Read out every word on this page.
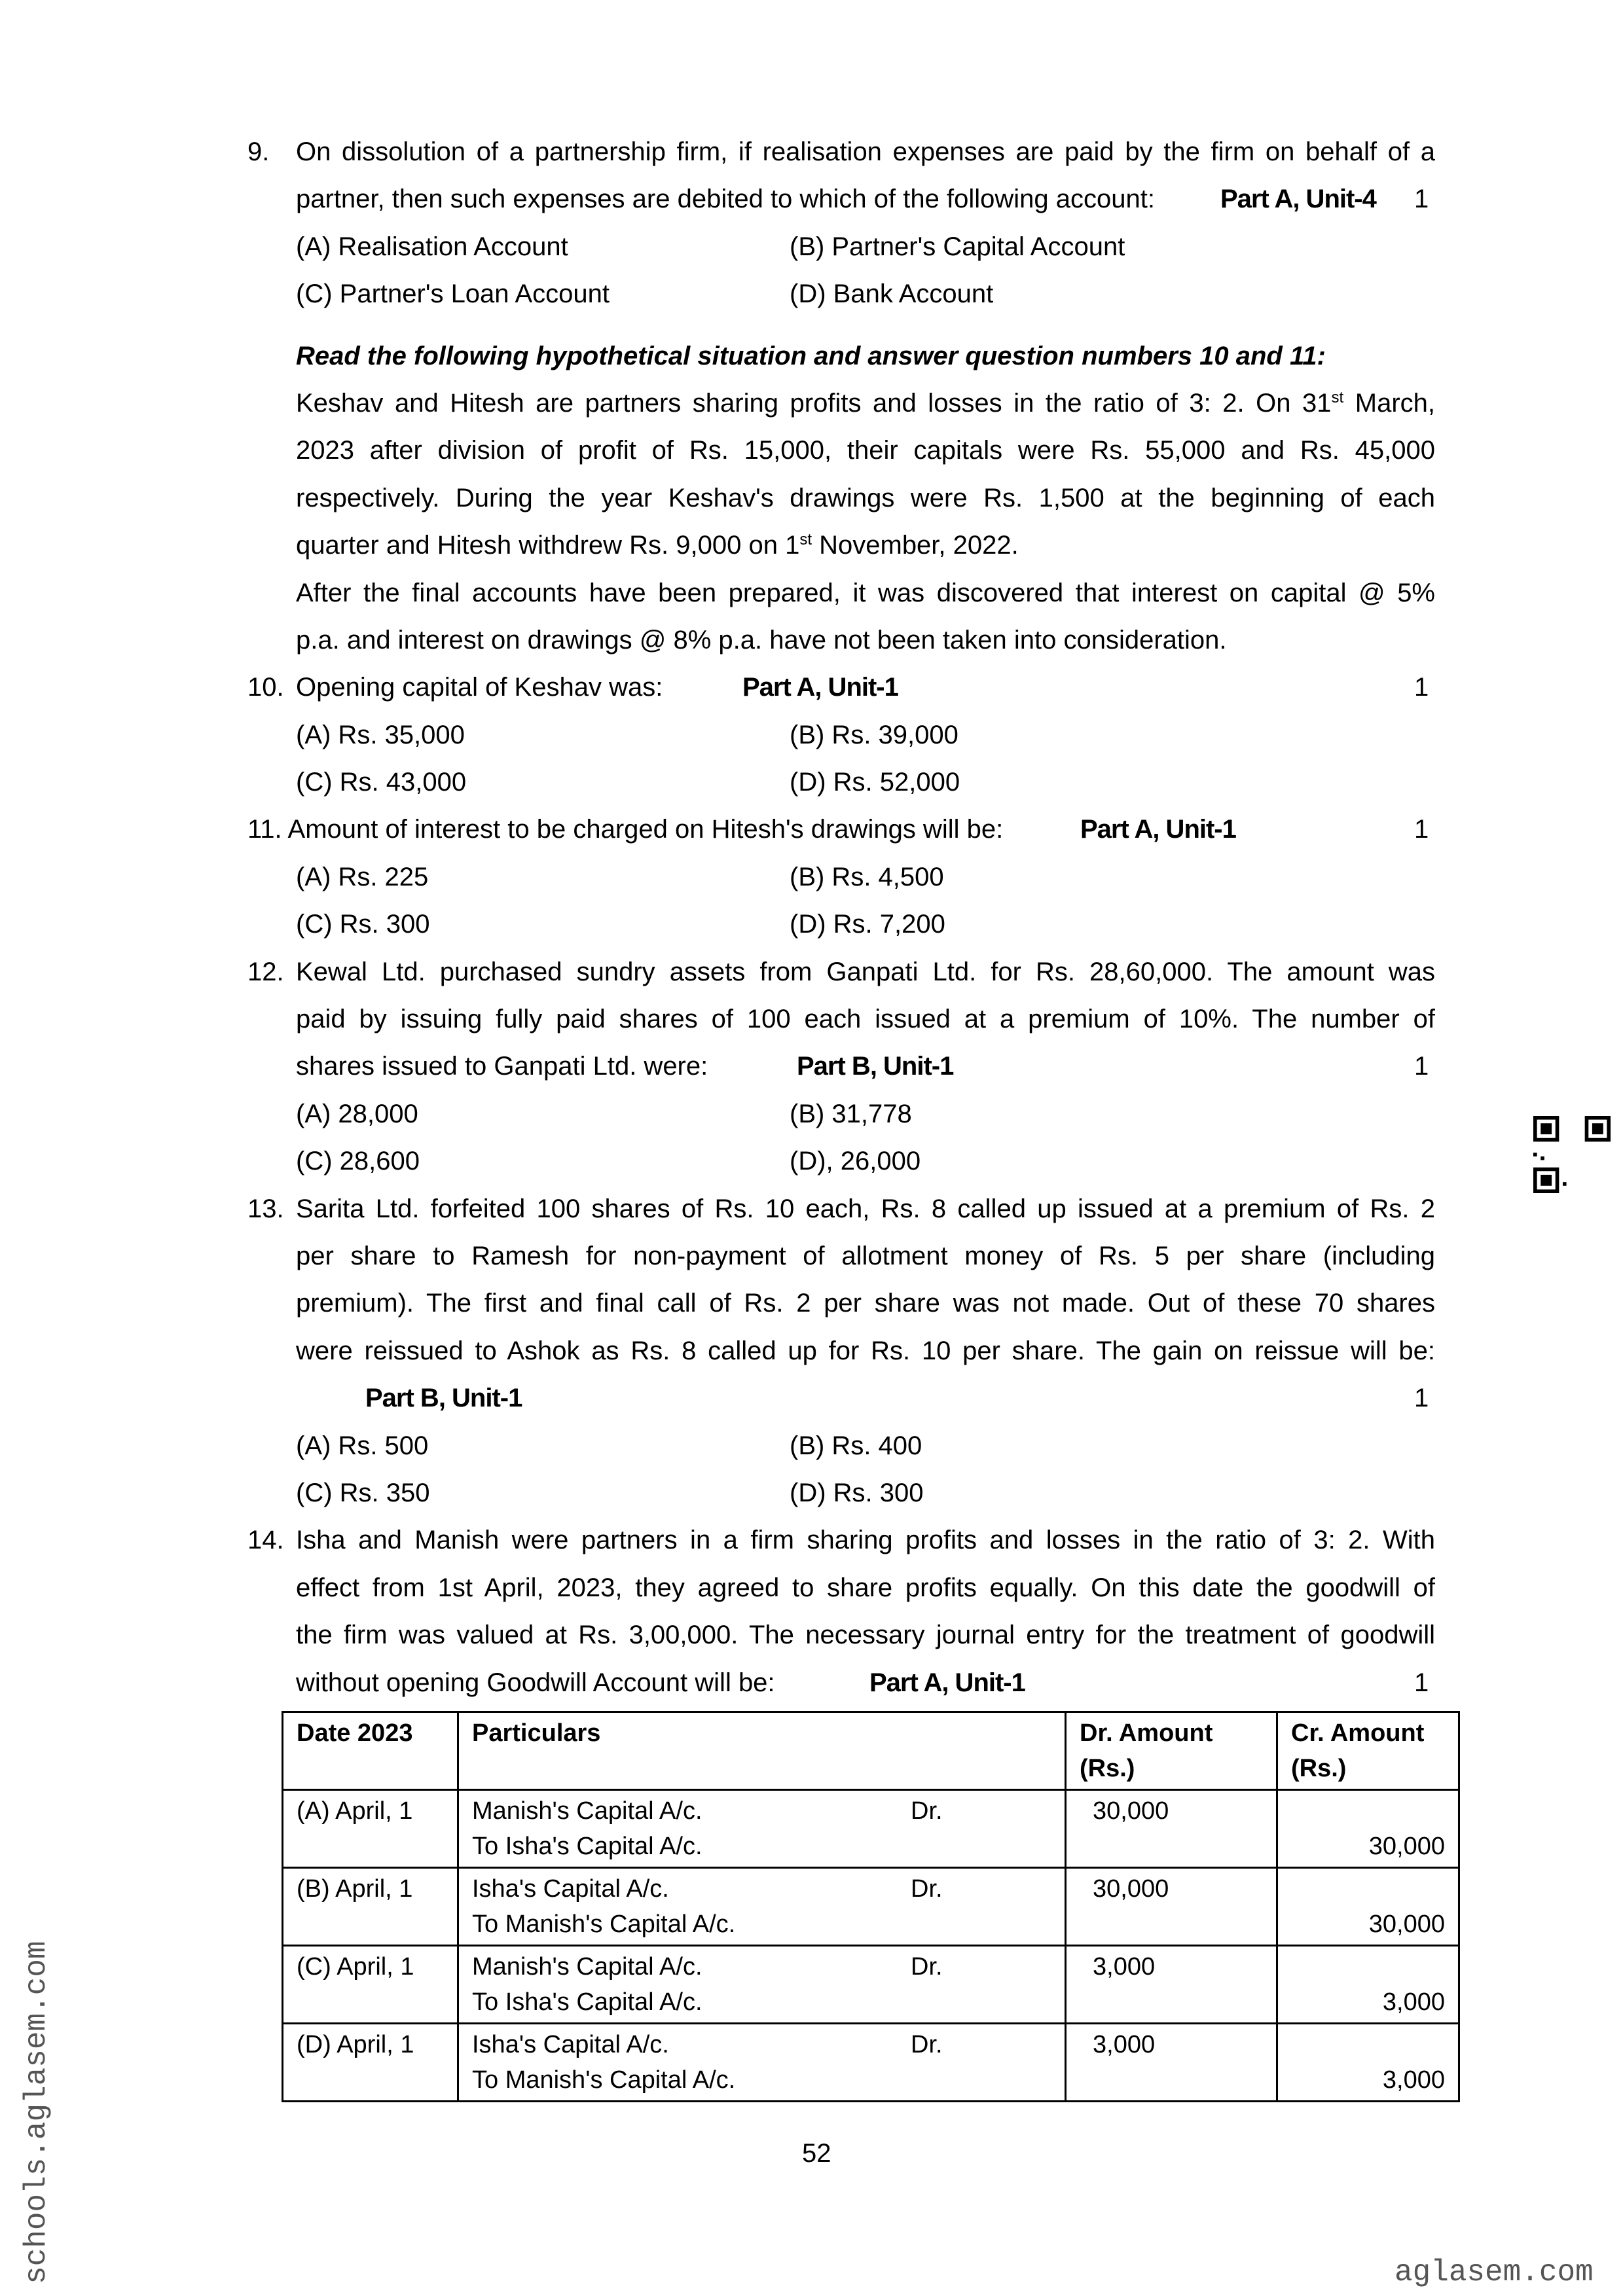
9. On dissolution of a partnership firm, if realisation expenses are paid by the firm on behalf of a
partner, then such expenses are debited to which of the following account:	Part A, Unit-4 1
(A) Realisation Account	(B) Partner's Capital Account
(C) Partner's Loan Account	(D) Bank Account
Read the following hypothetical situation and answer question numbers 10 and 11:
Keshav and Hitesh are partners sharing profits and losses in the ratio of 3: 2. On 31st March,
2023 after division of profit of Rs. 15,000, their capitals were Rs. 55,000 and Rs. 45,000
respectively. During the year Keshav's drawings were Rs. 1,500 at the beginning of each
quarter and Hitesh withdrew Rs. 9,000 on 1st November, 2022.
After the final accounts have been prepared, it was discovered that interest on capital @ 5%
p.a. and interest on drawings @ 8% p.a. have not been taken into consideration.
10. Opening capital of Keshav was:	Part A, Unit-1	1
(A) Rs. 35,000	(B) Rs. 39,000
(C) Rs. 43,000	(D) Rs. 52,000
11. Amount of interest to be charged on Hitesh's drawings will be:	Part A, Unit-1	1
(A) Rs. 225	(B) Rs. 4,500
(C) Rs. 300	(D) Rs. 7,200
12. Kewal Ltd. purchased sundry assets from Ganpati Ltd. for Rs. 28,60,000. The amount was
paid by issuing fully paid shares of 100 each issued at a premium of 10%. The number of
shares issued to Ganpati Ltd. were:	Part B, Unit-1	1
(A) 28,000	(B) 31,778
(C) 28,600	(D), 26,000
13. Sarita Ltd. forfeited 100 shares of Rs. 10 each, Rs. 8 called up issued at a premium of Rs. 2
per share to Ramesh for non-payment of allotment money of Rs. 5 per share (including
premium). The first and final call of Rs. 2 per share was not made. Out of these 70 shares
were reissued to Ashok as Rs. 8 called up for Rs. 10 per share. The gain on reissue will be:
Part B, Unit-1	1
(A) Rs. 500	(B) Rs. 400
(C) Rs. 350	(D) Rs. 300
14. Isha and Manish were partners in a firm sharing profits and losses in the ratio of 3: 2. With
effect from 1st April, 2023, they agreed to share profits equally. On this date the goodwill of
the firm was valued at Rs. 3,00,000. The necessary journal entry for the treatment of goodwill
without opening Goodwill Account will be:	Part A, Unit-1	1
Date 2023	Particulars	Dr. Amount (Rs.)	Cr. Amount (Rs.)
(A) April, 1	Manish's Capital A/c. Dr.
To Isha's Capital A/c.	30,000	30,000

(B) April, 1	Isha's Capital A/c. Dr.
To Manish's Capital A/c.	30,000	30,000

(C) April, 1	Manish's Capital A/c. Dr.
To Isha's Capital A/c.	3,000	3,000

(D) April, 1	Isha's Capital A/c. Dr.
To Manish's Capital A/c.	3,000	3,000
52
schools.aglasem.com	aglasem.com
